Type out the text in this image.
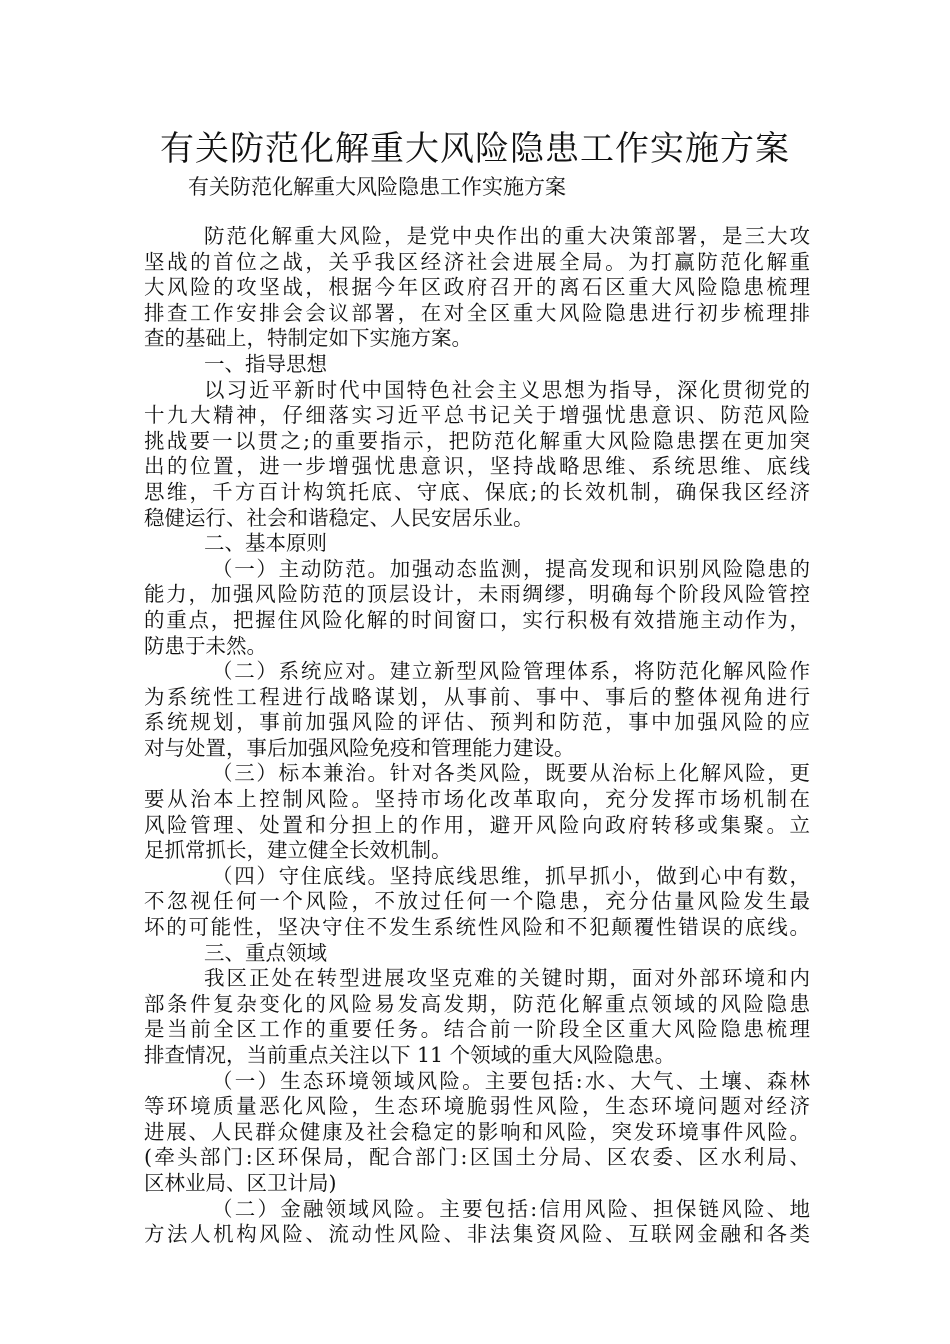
有关防范化解重大风险隐患工作实施方案
有关防范化解重大风险隐患工作实施方案
防范化解重大风险，是党中央作出的重大决策部署，是三大攻
坚战的首位之战，关乎我区经济社会进展全局。为打赢防范化解重
大风险的攻坚战，根据今年区政府召开的离石区重大风险隐患梳理
排查工作安排会会议部署，在对全区重大风险隐患进行初步梳理排
查的基础上，特制定如下实施方案。
一、指导思想
以习近平新时代中国特色社会主义思想为指导，深化贯彻党的
十九大精神，仔细落实习近平总书记关于增强忧患意识、防范风险
挑战要一以贯之;的重要指示，把防范化解重大风险隐患摆在更加突
出的位置，进一步增强忧患意识，坚持战略思维、系统思维、底线
思维，千方百计构筑托底、守底、保底;的长效机制，确保我区经济
稳健运行、社会和谐稳定、人民安居乐业。
二、基本原则
（一）主动防范。加强动态监测，提高发现和识别风险隐患的
能力，加强风险防范的顶层设计，未雨绸缪，明确每个阶段风险管控
的重点，把握住风险化解的时间窗口，实行积极有效措施主动作为，
防患于未然。
（二）系统应对。建立新型风险管理体系，将防范化解风险作
为系统性工程进行战略谋划，从事前、事中、事后的整体视角进行
系统规划，事前加强风险的评估、预判和防范，事中加强风险的应
对与处置，事后加强风险免疫和管理能力建设。
（三）标本兼治。针对各类风险，既要从治标上化解风险，更
要从治本上控制风险。坚持市场化改革取向，充分发挥市场机制在
风险管理、处置和分担上的作用，避开风险向政府转移或集聚。立
足抓常抓长，建立健全长效机制。
（四）守住底线。坚持底线思维，抓早抓小，做到心中有数，
不忽视任何一个风险，不放过任何一个隐患，充分估量风险发生最
坏的可能性，坚决守住不发生系统性风险和不犯颠覆性错误的底线。
三、重点领域
我区正处在转型进展攻坚克难的关键时期，面对外部环境和内
部条件复杂变化的风险易发高发期，防范化解重点领域的风险隐患
是当前全区工作的重要任务。结合前一阶段全区重大风险隐患梳理
排查情况，当前重点关注以下 11 个领域的重大风险隐患。
（一）生态环境领域风险。主要包括:水、大气、土壤、森林
等环境质量恶化风险，生态环境脆弱性风险，生态环境问题对经济
进展、人民群众健康及社会稳定的影响和风险，突发环境事件风险。
(牵头部门:区环保局，配合部门:区国土分局、区农委、区水利局、
区林业局、区卫计局)
（二）金融领域风险。主要包括:信用风险、担保链风险、地
方法人机构风险、流动性风险、非法集资风险、互联网金融和各类
